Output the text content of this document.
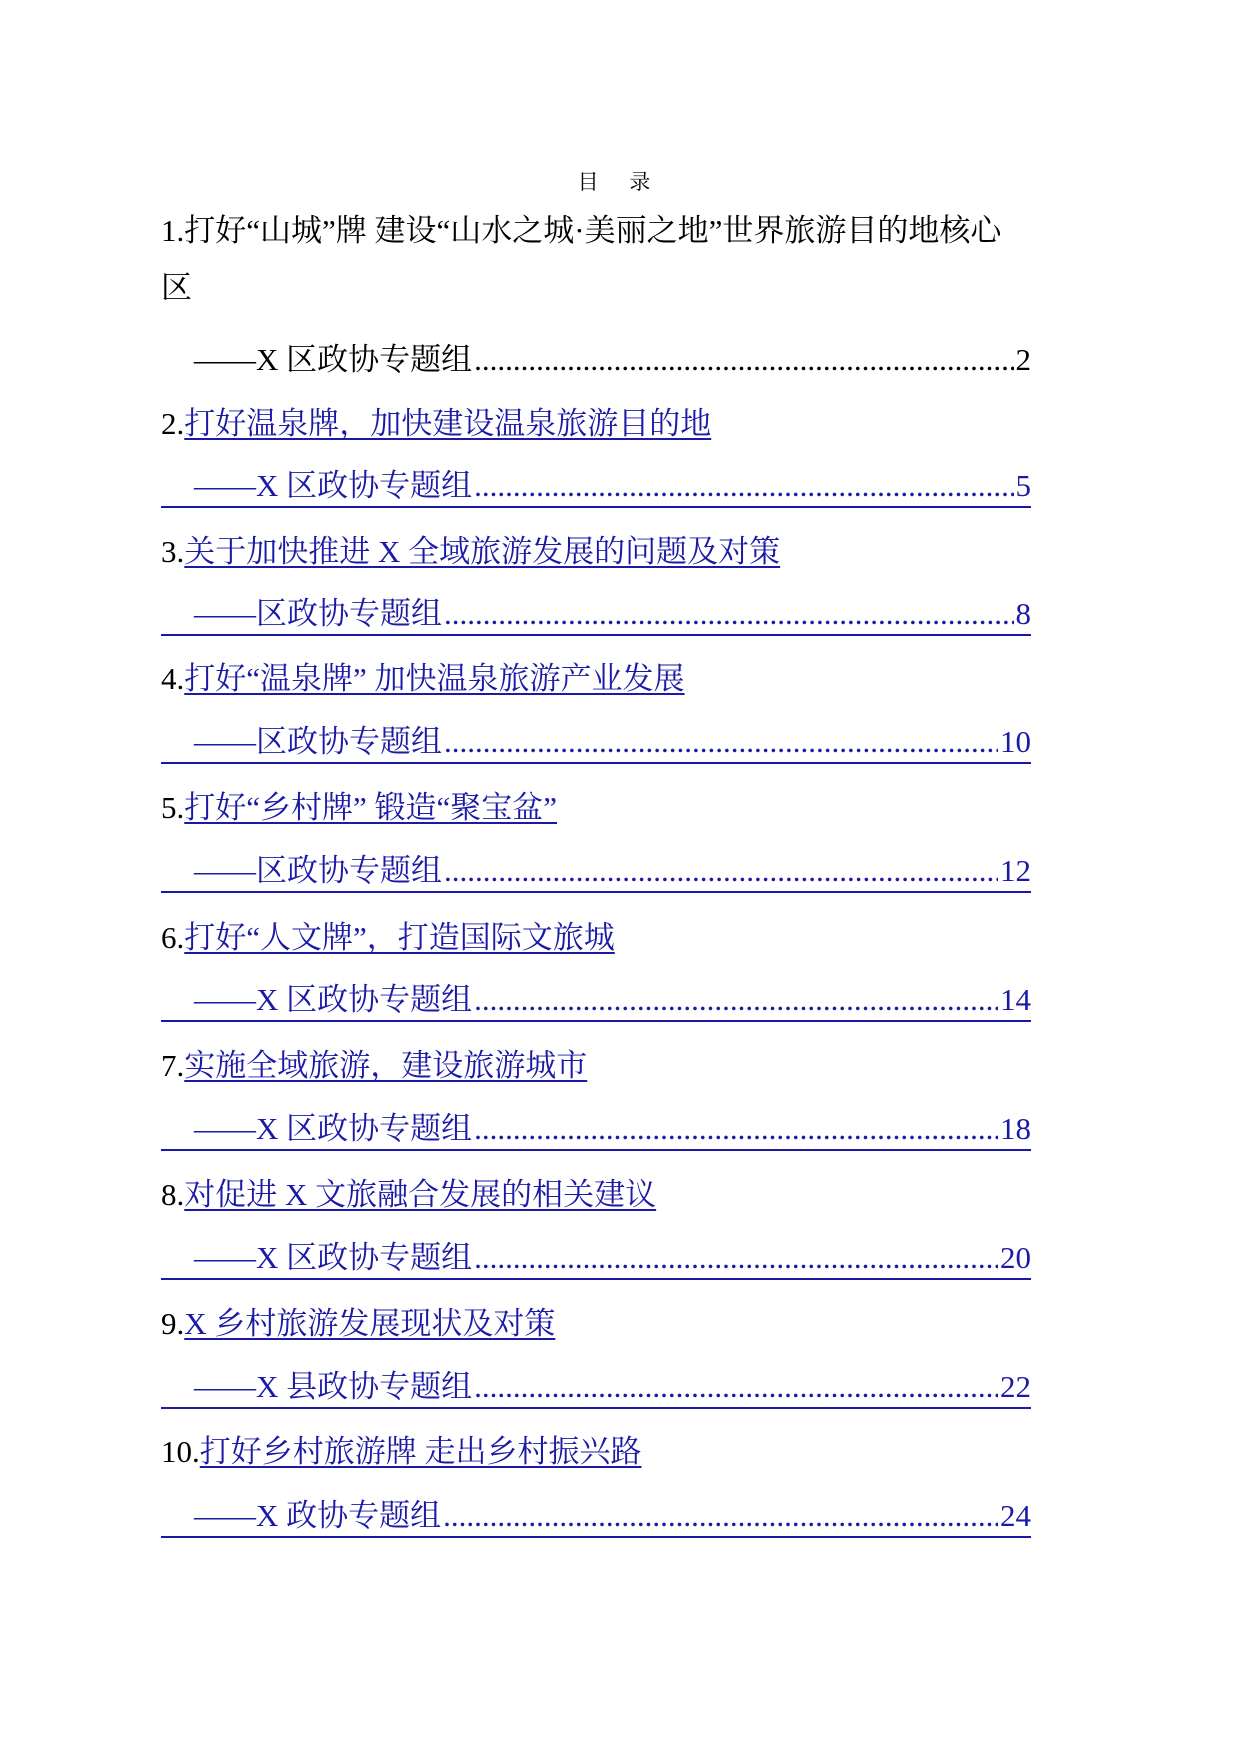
目 录
1.打好“山城”牌 建设“山水之城·美丽之地”世界旅游目的地核心
区
——X 区政协专题组 .....	2
2.打好温泉牌，加快建设温泉旅游目的地
——X 区政协专题组 .....	5
3.关于加快推进 X 全域旅游发展的问题及对策
——区政协专题组 .....	8
4.打好“温泉牌” 加快温泉旅游产业发展
——区政协专题组 .....	10
5.打好“乡村牌” 锻造“聚宝盆”
——区政协专题组 .....	12
6.打好“人文牌”，打造国际文旅城
——X 区政协专题组 .....	14
7.实施全域旅游，建设旅游城市
——X 区政协专题组 .....	18
8.对促进 X 文旅融合发展的相关建议
——X 区政协专题组 .....	20
9.X 乡村旅游发展现状及对策
——X 县政协专题组 .....	22
10.打好乡村旅游牌 走出乡村振兴路
——X 政协专题组 .....	24
